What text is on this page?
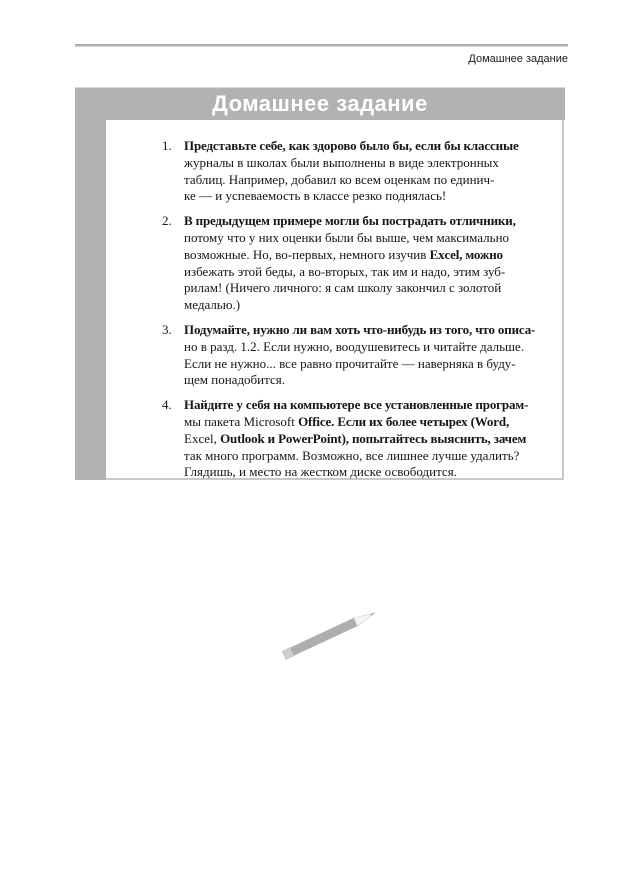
Домашнее задание
Домашнее задание
1. Представьте себе, как здорово было бы, если бы классные
журналы в школах были выполнены в виде электронных
таблиц. Например, добавил ко всем оценкам по единич-
ке — и успеваемость в классе резко поднялась!
2. В предыдущем примере могли бы пострадать отличники,
потому что у них оценки были бы выше, чем максимально
возможные. Но, во-первых, немного изучив Excel, можно
избежать этой беды, а во-вторых, так им и надо, этим зуб-
рилам! (Ничего личного: я сам школу закончил с золотой
медалью.)
3. Подумайте, нужно ли вам хоть что-нибудь из того, что описа-
но в разд. 1.2. Если нужно, воодушевитесь и читайте дальше.
Если не нужно... все равно прочитайте — наверняка в буду-
щем понадобится.
4. Найдите у себя на компьютере все установленные програм-
мы пакета Microsoft Office. Если их более четырех (Word,
Excel, Outlook и PowerPoint), попытайтесь выяснить, зачем
так много программ. Возможно, все лишнее лучше удалить?
Глядишь, и место на жестком диске освободится.
